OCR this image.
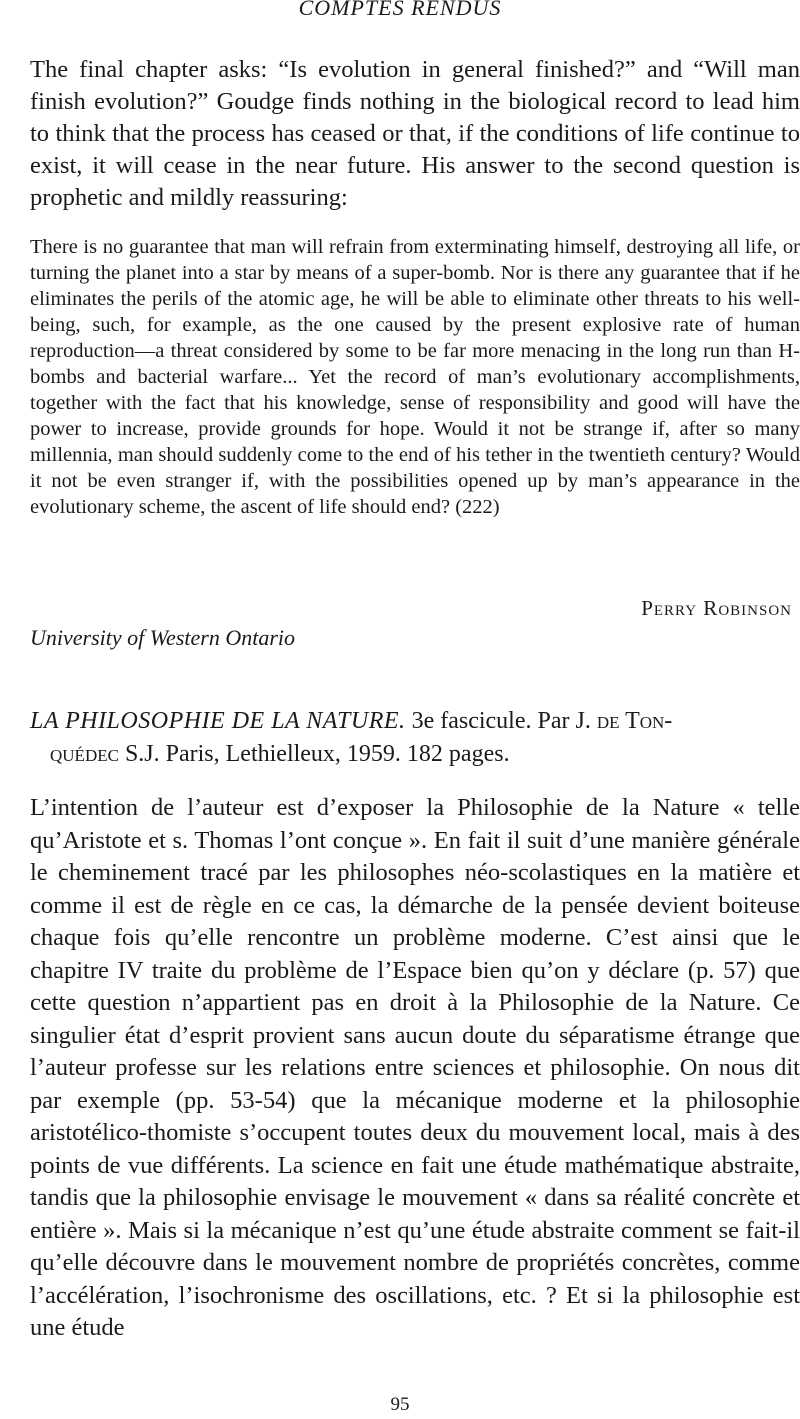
COMPTES RENDUS

The final chapter asks: “Is evolution in general finished?” and “Will man finish evolution?” Goudge finds nothing in the biological record to lead him to think that the process has ceased or that, if the conditions of life continue to exist, it will cease in the near future. His answer to the second question is prophetic and mildly reassuring:

There is no guarantee that man will refrain from exterminating himself, destroying all life, or turning the planet into a star by means of a super-bomb. Nor is there any guarantee that if he eliminates the perils of the atomic age, he will be able to eliminate other threats to his well-being, such, for example, as the one caused by the present explosive rate of human reproduction—a threat considered by some to be far more menacing in the long run than H-bombs and bacterial warfare... Yet the record of man’s evolutionary accomplishments, together with the fact that his knowledge, sense of responsibility and good will have the power to increase, provide grounds for hope. Would it not be strange if, after so many millennia, man should suddenly come to the end of his tether in the twentieth century? Would it not be even stranger if, with the possibilities opened up by man’s appearance in the evolutionary scheme, the ascent of life should end? (222)

Perry Robinson
University of Western Ontario

LA PHILOSOPHIE DE LA NATURE. 3e fascicule. Par J. de Ton-
quédec S.J. Paris, Lethielleux, 1959. 182 pages.

L’intention de l’auteur est d’exposer la Philosophie de la Nature « telle qu’Aristote et s. Thomas l’ont conçue ». En fait il suit d’une manière générale le cheminement tracé par les philosophes néo-scolastiques en la matière et comme il est de règle en ce cas, la démarche de la pensée devient boiteuse chaque fois qu’elle rencontre un problème moderne. C’est ainsi que le chapitre IV traite du problème de l’Espace bien qu’on y déclare (p. 57) que cette question n’appartient pas en droit à la Philosophie de la Nature. Ce singulier état d’esprit provient sans aucun doute du séparatisme étrange que l’auteur professe sur les relations entre sciences et philosophie. On nous dit par exemple (pp. 53-54) que la mécanique moderne et la philosophie aristotélico-thomiste s’occupent toutes deux du mouvement local, mais à des points de vue différents. La science en fait une étude mathématique abstraite, tandis que la philosophie envisage le mouvement « dans sa réalité concrète et entière ». Mais si la mécanique n’est qu’une étude abstraite comment se fait-il qu’elle découvre dans le mouvement nombre de propriétés concrètes, comme l’accélération, l’isochronisme des oscillations, etc. ? Et si la philosophie est une étude

95
